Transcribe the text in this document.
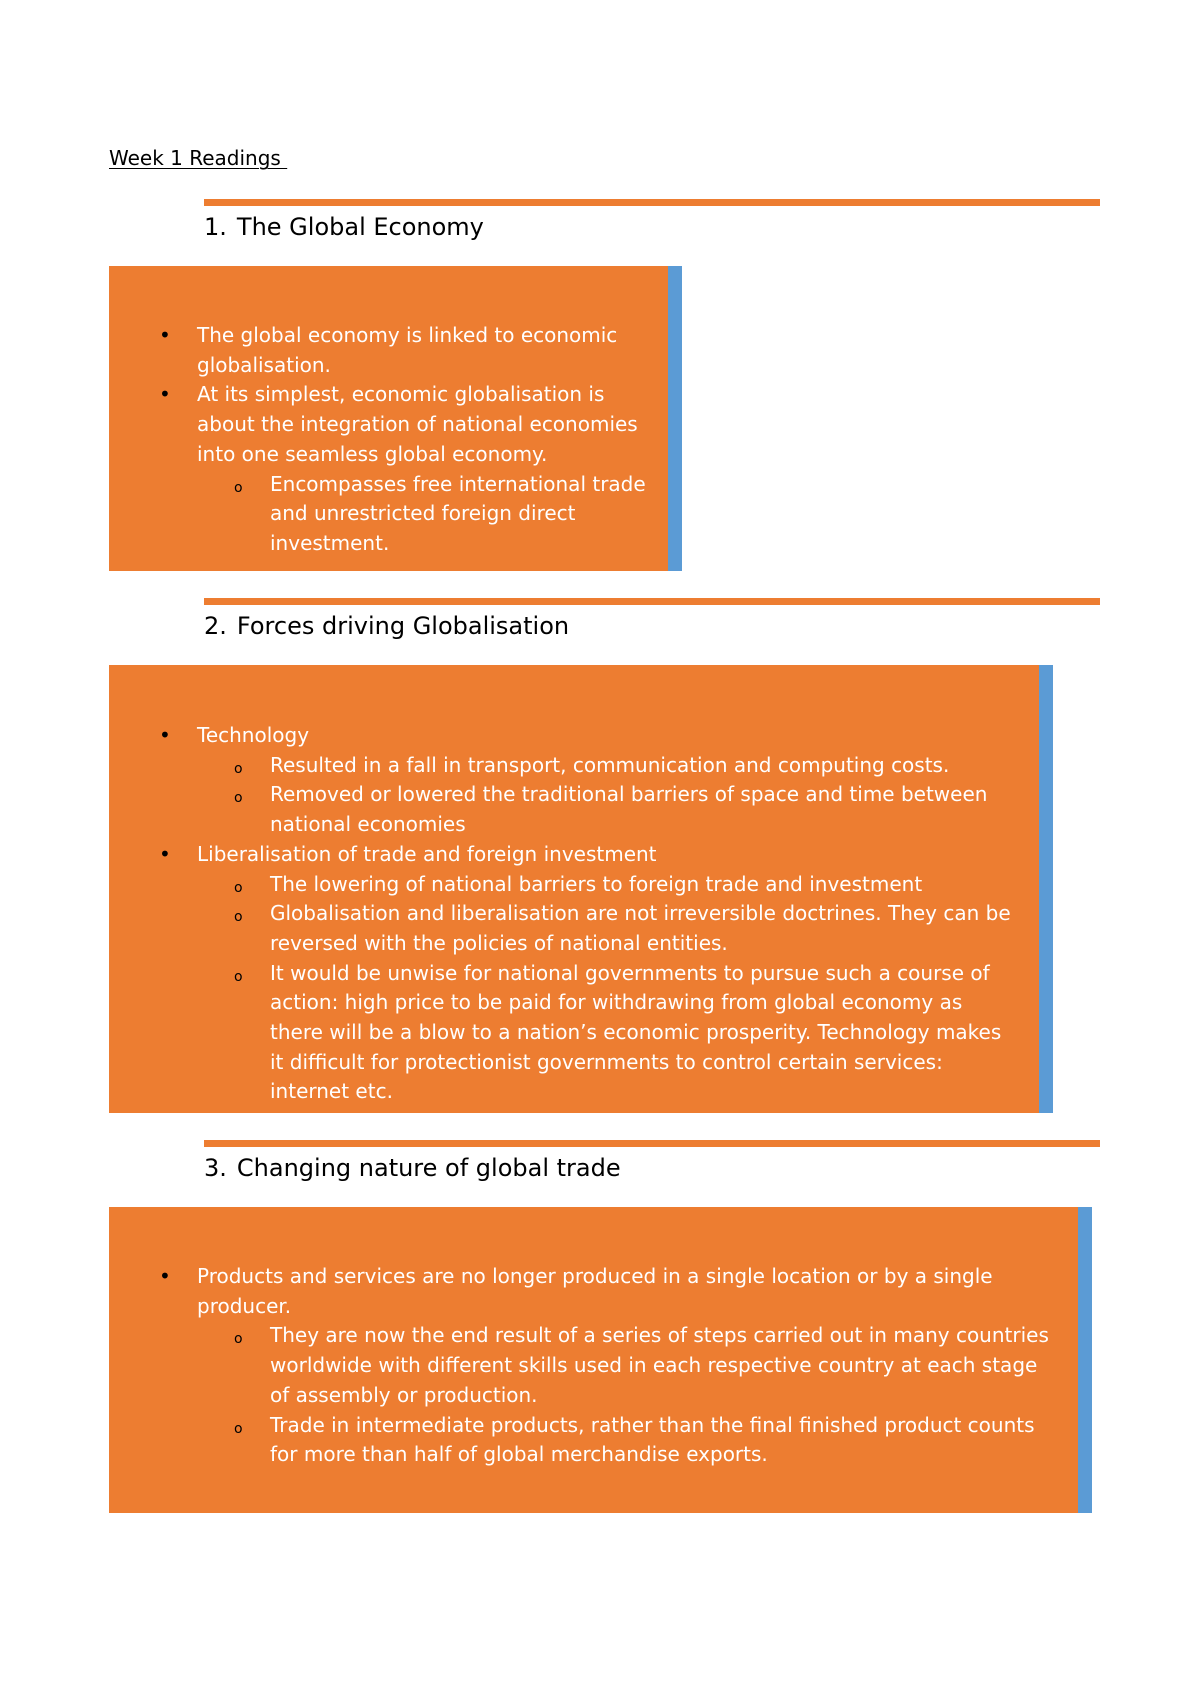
Week 1 Readings
1. The Global Economy
• The global economy is linked to economic globalisation.
• At its simplest, economic globalisation is about the integration of national economies into one seamless global economy.
o Encompasses free international trade and unrestricted foreign direct investment.
2. Forces driving Globalisation
• Technology
o Resulted in a fall in transport, communication and computing costs.
o Removed or lowered the traditional barriers of space and time between national economies
• Liberalisation of trade and foreign investment
o The lowering of national barriers to foreign trade and investment
o Globalisation and liberalisation are not irreversible doctrines. They can be reversed with the policies of national entities.
o It would be unwise for national governments to pursue such a course of action: high price to be paid for withdrawing from global economy as there will be a blow to a nation’s economic prosperity. Technology makes it difficult for protectionist governments to control certain services: internet etc.
3. Changing nature of global trade
• Products and services are no longer produced in a single location or by a single producer.
o They are now the end result of a series of steps carried out in many countries worldwide with different skills used in each respective country at each stage of assembly or production.
o Trade in intermediate products, rather than the final finished product counts for more than half of global merchandise exports.
